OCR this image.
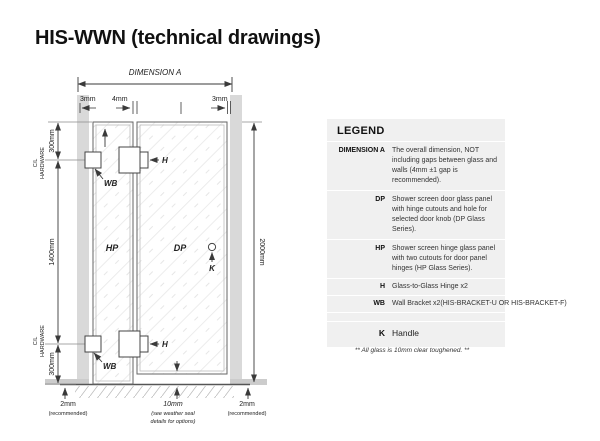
HIS-WWN (technical drawings)
DIMENSION A
3mm 4mm	3mm
300mm
1400mm
300mm
C/L HARDWARE
C/L HARDWARE
2000mm
H
WB
H
WB
HP	DP
K
2mm
(recommended)
10mm
(see weather seal
details for options)
2mm
(recommended)
LEGEND
DIMENSION A	The overall dimension, NOT including gaps between glass and walls (4mm ±1 gap is recommended).
DP	Shower screen door glass panel with hinge cutouts and hole for selected door knob (DP Glass Series).
HP	Shower screen hinge glass panel with two cutouts for door panel hinges (HP Glass Series).
H	Glass-to-Glass Hinge x2
WB	Wall Bracket x2(HIS-BRACKET-U OR HIS-BRACKET-F)
K Handle
** All glass is 10mm clear toughened. **
